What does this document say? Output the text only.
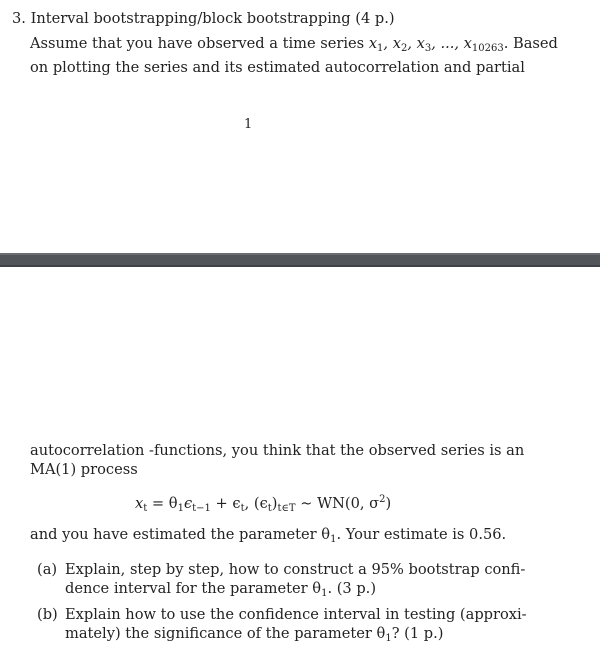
3. Interval bootstrapping/block bootstrapping (4 p.)
Assume that you have observed a time series $x_1$, $x_2$, $x_3$, ..., $x_{10263}$. Based
on plotting the series and its estimated autocorrelation and partial
1
autocorrelation -functions, you think that the observed series is an
MA(1) process
$x_t = \theta_1\epsilon_{t-1} + \epsilon_t$, $(\epsilon_t)_{t\in T}$ ∼ WN(0, $\sigma^2$)
and you have estimated the parameter $\theta_1$. Your estimate is 0.56.
(a) Explain, step by step, how to construct a 95% bootstrap confi-
dence interval for the parameter $\theta_1$. (3 p.)
(b) Explain how to use the confidence interval in testing (approxi-
mately) the significance of the parameter $\theta_1$? (1 p.)
